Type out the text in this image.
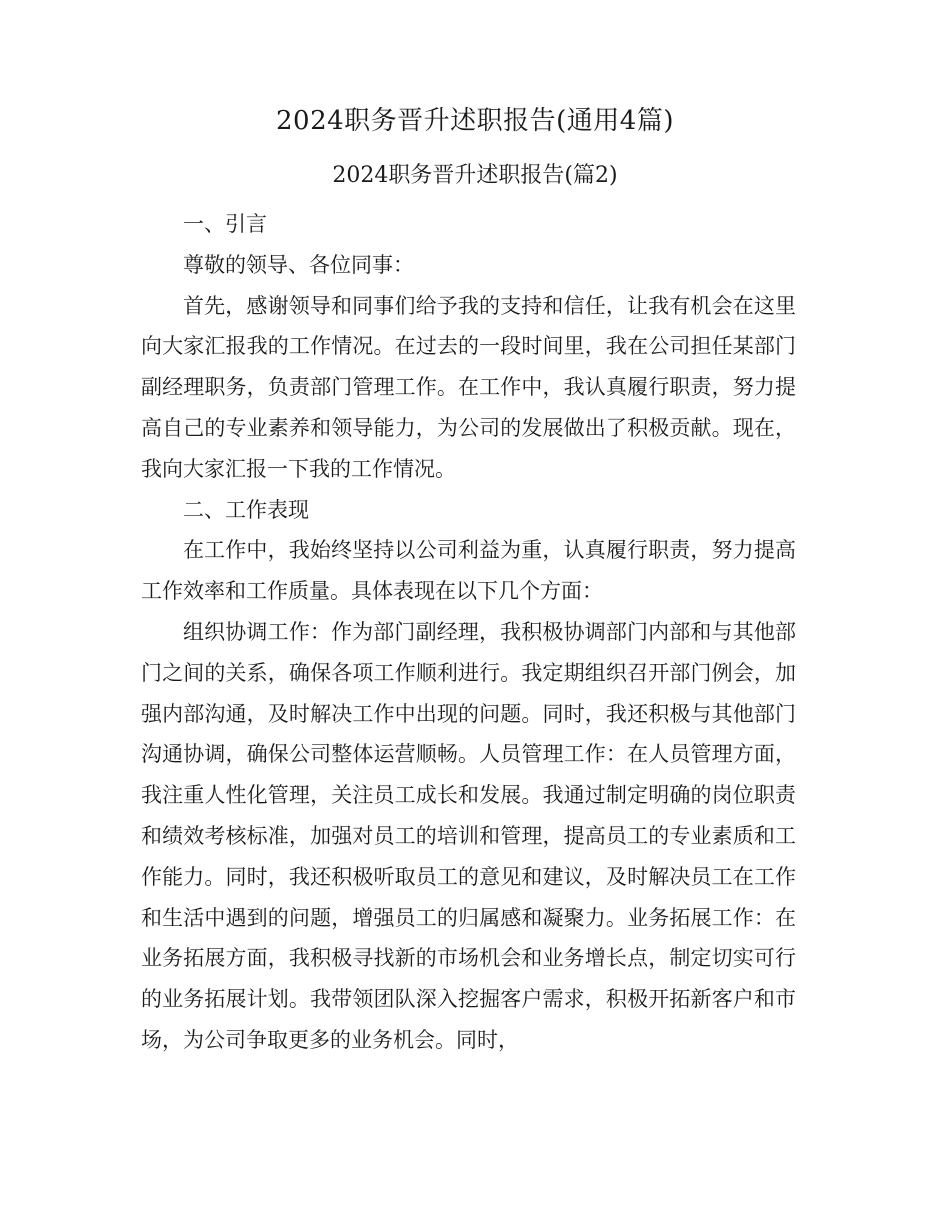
2024职务晋升述职报告(通用4篇)
2024职务晋升述职报告(篇2)

一、引言

尊敬的领导、各位同事：

首先，感谢领导和同事们给予我的支持和信任，让我有机会在这里向大家汇报我的工作情况。在过去的一段时间里，我在公司担任某部门副经理职务，负责部门管理工作。在工作中，我认真履行职责，努力提高自己的专业素养和领导能力，为公司的发展做出了积极贡献。现在，我向大家汇报一下我的工作情况。

二、工作表现

在工作中，我始终坚持以公司利益为重，认真履行职责，努力提高工作效率和工作质量。具体表现在以下几个方面：

组织协调工作：作为部门副经理，我积极协调部门内部和与其他部门之间的关系，确保各项工作顺利进行。我定期组织召开部门例会，加强内部沟通，及时解决工作中出现的问题。同时，我还积极与其他部门沟通协调，确保公司整体运营顺畅。人员管理工作：在人员管理方面，我注重人性化管理，关注员工成长和发展。我通过制定明确的岗位职责和绩效考核标准，加强对员工的培训和管理，提高员工的专业素质和工作能力。同时，我还积极听取员工的意见和建议，及时解决员工在工作和生活中遇到的问题，增强员工的归属感和凝聚力。业务拓展工作：在业务拓展方面，我积极寻找新的市场机会和业务增长点，制定切实可行的业务拓展计划。我带领团队深入挖掘客户需求，积极开拓新客户和市场，为公司争取更多的业务机会。同时，
